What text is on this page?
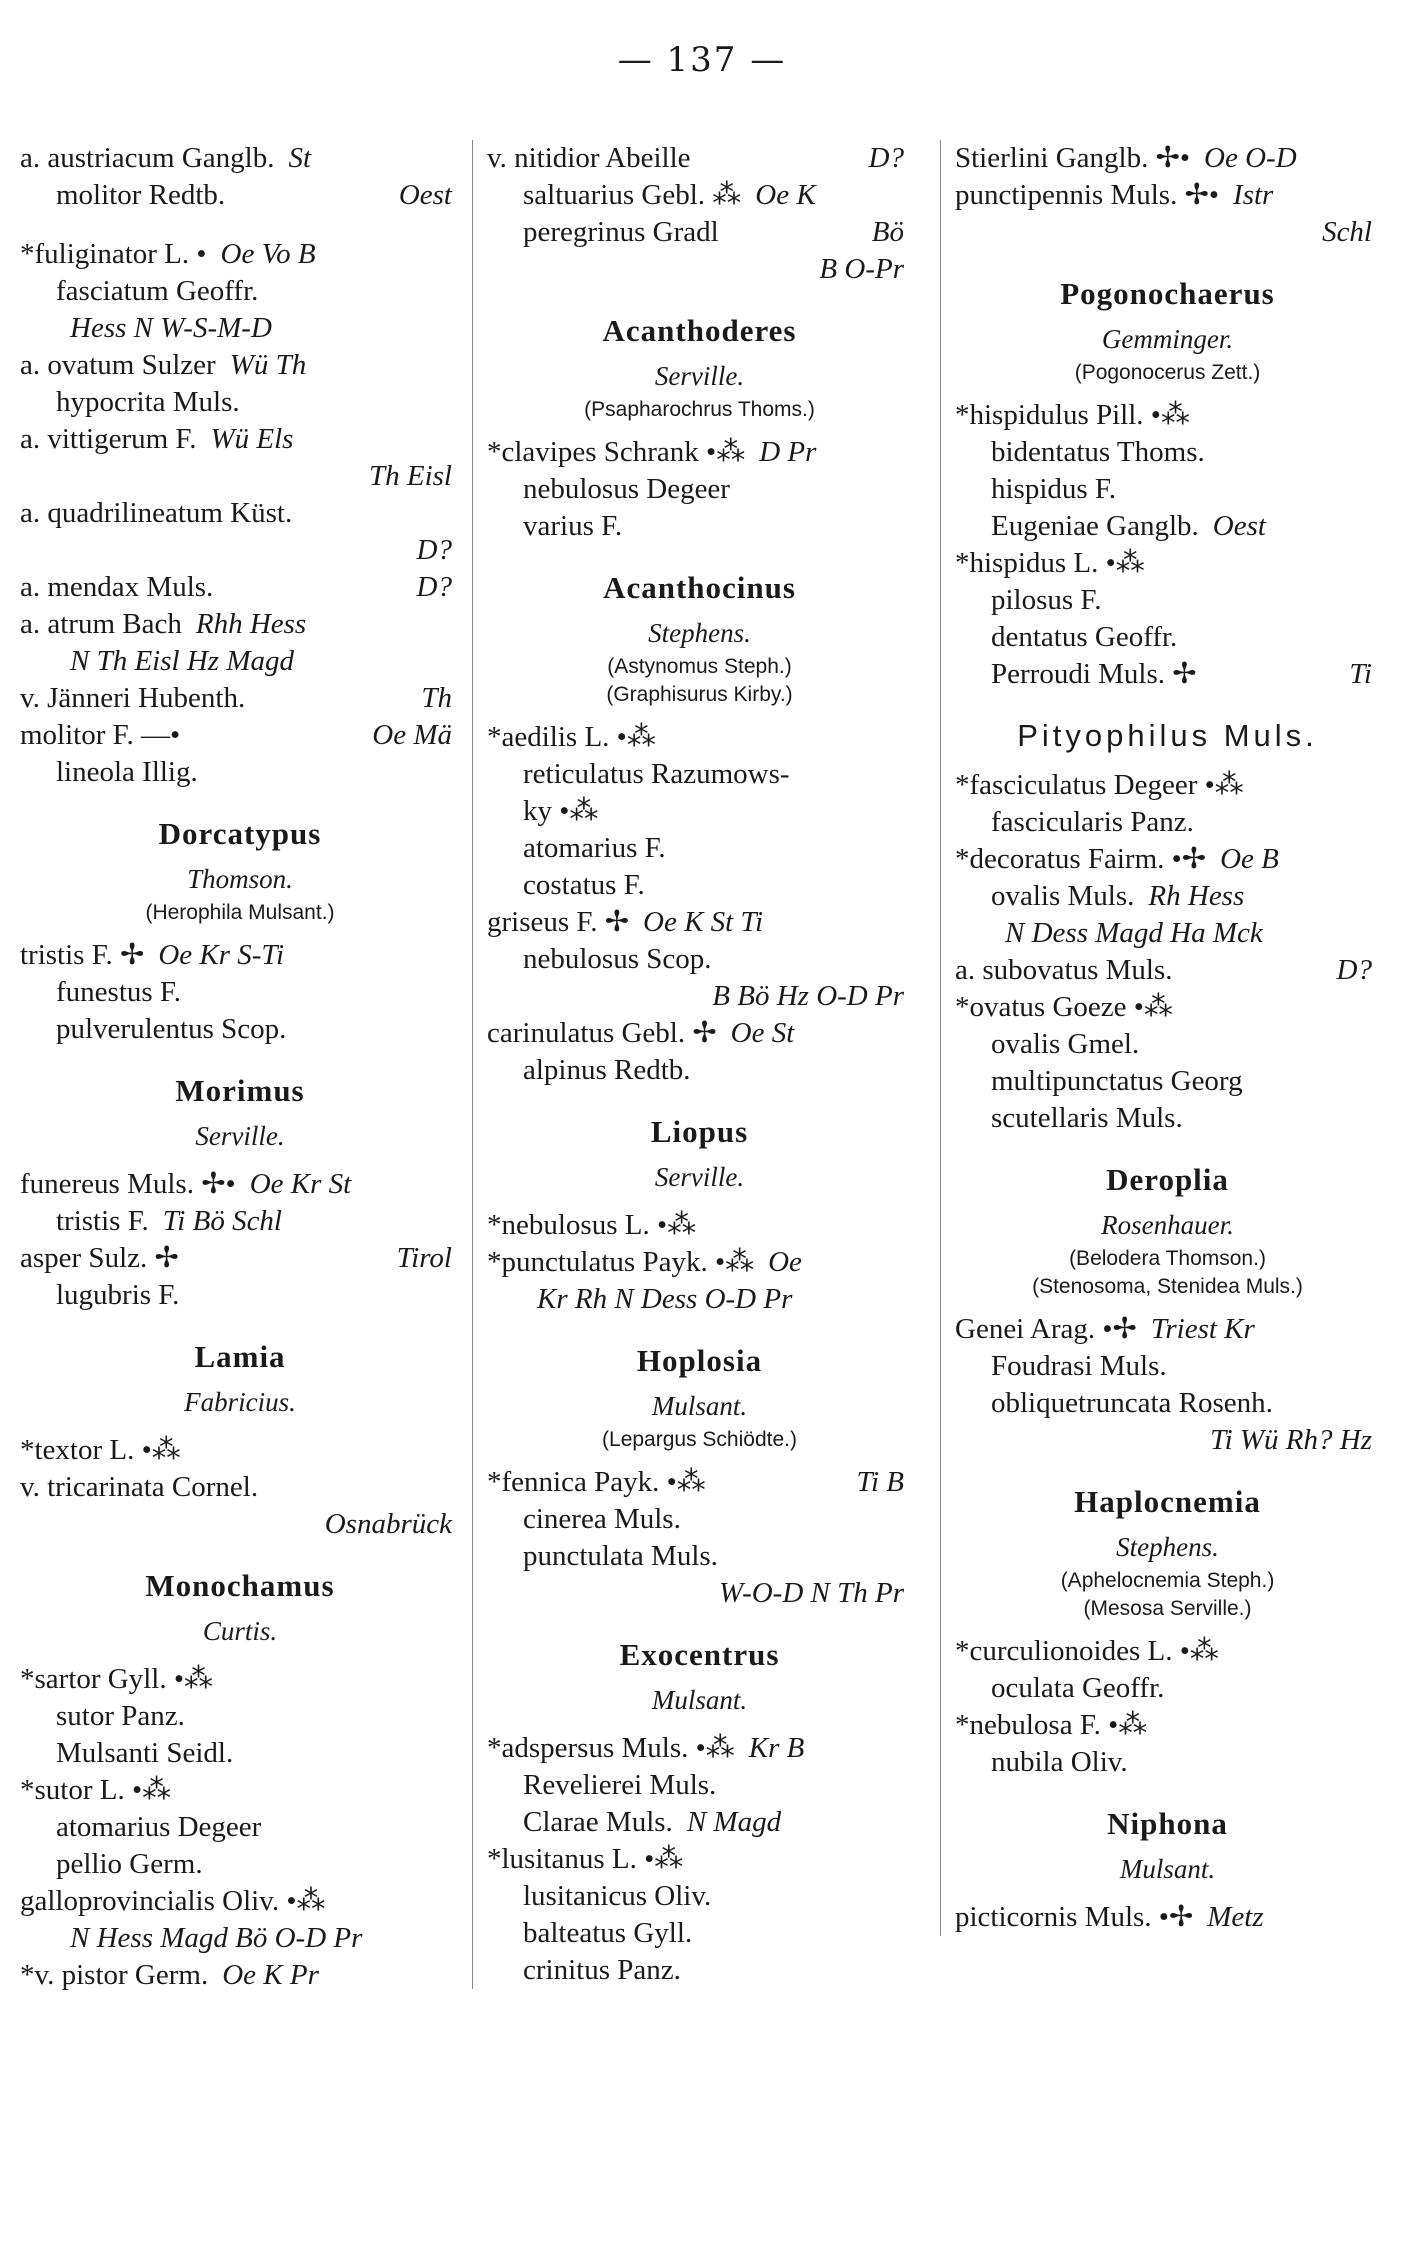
— 137 —
a. austriacum Ganglb. St
molitor Redtb.	Oest
*fuliginator L. • Oe Vo B
fasciatum Geoffr.
Hess N W-S-M-D
a. ovatum Sulzer Wü Th
hypocrita Muls.
a. vittigerum F. Wü Els
Th Eisl
a. quadrilineatum Küst.
D?
a. mendax Muls.	D?
a. atrum Bach Rhh Hess
N Th Eisl Hz Magd
v. Jänneri Hubenth.	Th
molitor F. —•	Oe Mä
lineola Illig.
Dorcatypus
Thomson.
(Herophila Mulsant.)
tristis F. ✢ Oe Kr S-Ti
funestus F.
pulverulentus Scop.
Morimus
Serville.
funereus Muls. ✢• Oe Kr St
tristis F. Ti Bö Schl
asper Sulz. ✢	Tirol
lugubris F.
Lamia
Fabricius.
*textor L. •⁂
v. tricarinata Cornel.
Osnabrück
Monochamus
Curtis.
*sartor Gyll. •⁂
sutor Panz.
Mulsanti Seidl.
*sutor L. •⁂
atomarius Degeer
pellio Germ.
galloprovincialis Oliv. •⁂
N Hess Magd Bö O-D Pr
*v. pistor Germ. Oe K Pr
v. nitidior Abeille	D?
saltuarius Gebl. ⁂ Oe K
peregrinus Gradl	Bö
B O-Pr
Acanthoderes
Serville.
(Psapharochrus Thoms.)
*clavipes Schrank •⁂ D Pr
nebulosus Degeer
varius F.
Acanthocinus
Stephens.
(Astynomus Steph.)
(Graphisurus Kirby.)
*aedilis L. •⁂
reticulatus Razumows-
ky •⁂
atomarius F.
costatus F.
griseus F. ✢ Oe K St Ti
nebulosus Scop.
B Bö Hz O-D Pr
carinulatus Gebl. ✢ Oe St
alpinus Redtb.
Liopus
Serville.
*nebulosus L. •⁂
*punctulatus Payk. •⁂ Oe
Kr Rh N Dess O-D Pr
Hoplosia
Mulsant.
(Lepargus Schiödte.)
*fennica Payk. •⁂	Ti B
cinerea Muls.
punctulata Muls.
W-O-D N Th Pr
Exocentrus
Mulsant.
*adspersus Muls. •⁂ Kr B
Revelierei Muls.
Clarae Muls. N Magd
*lusitanus L. •⁂
lusitanicus Oliv.
balteatus Gyll.
crinitus Panz.
Stierlini Ganglb. ✢• Oe O-D
punctipennis Muls. ✢• Istr
Schl
Pogonochaerus
Gemminger.
(Pogonocerus Zett.)
*hispidulus Pill. •⁂
bidentatus Thoms.
hispidus F.
Eugeniae Ganglb. Oest
*hispidus L. •⁂
pilosus F.
dentatus Geoffr.
Perroudi Muls. ✢	Ti
Pityophilus Muls.
*fasciculatus Degeer •⁂
fascicularis Panz.
*decoratus Fairm. •✢ Oe B
ovalis Muls. Rh Hess
N Dess Magd Ha Mck
a. subovatus Muls.	D?
*ovatus Goeze •⁂
ovalis Gmel.
multipunctatus Georg
scutellaris Muls.
Deroplia
Rosenhauer.
(Belodera Thomson.)
(Stenosoma, Stenidea Muls.)
Genei Arag. •✢ Triest Kr
Foudrasi Muls.
obliquetruncata Rosenh.
Ti Wü Rh? Hz
Haplocnemia
Stephens.
(Aphelocnemia Steph.)
(Mesosa Serville.)
*curculionoides L. •⁂
oculata Geoffr.
*nebulosa F. •⁂
nubila Oliv.
Niphona
Mulsant.
picticornis Muls. •✢ Metz
